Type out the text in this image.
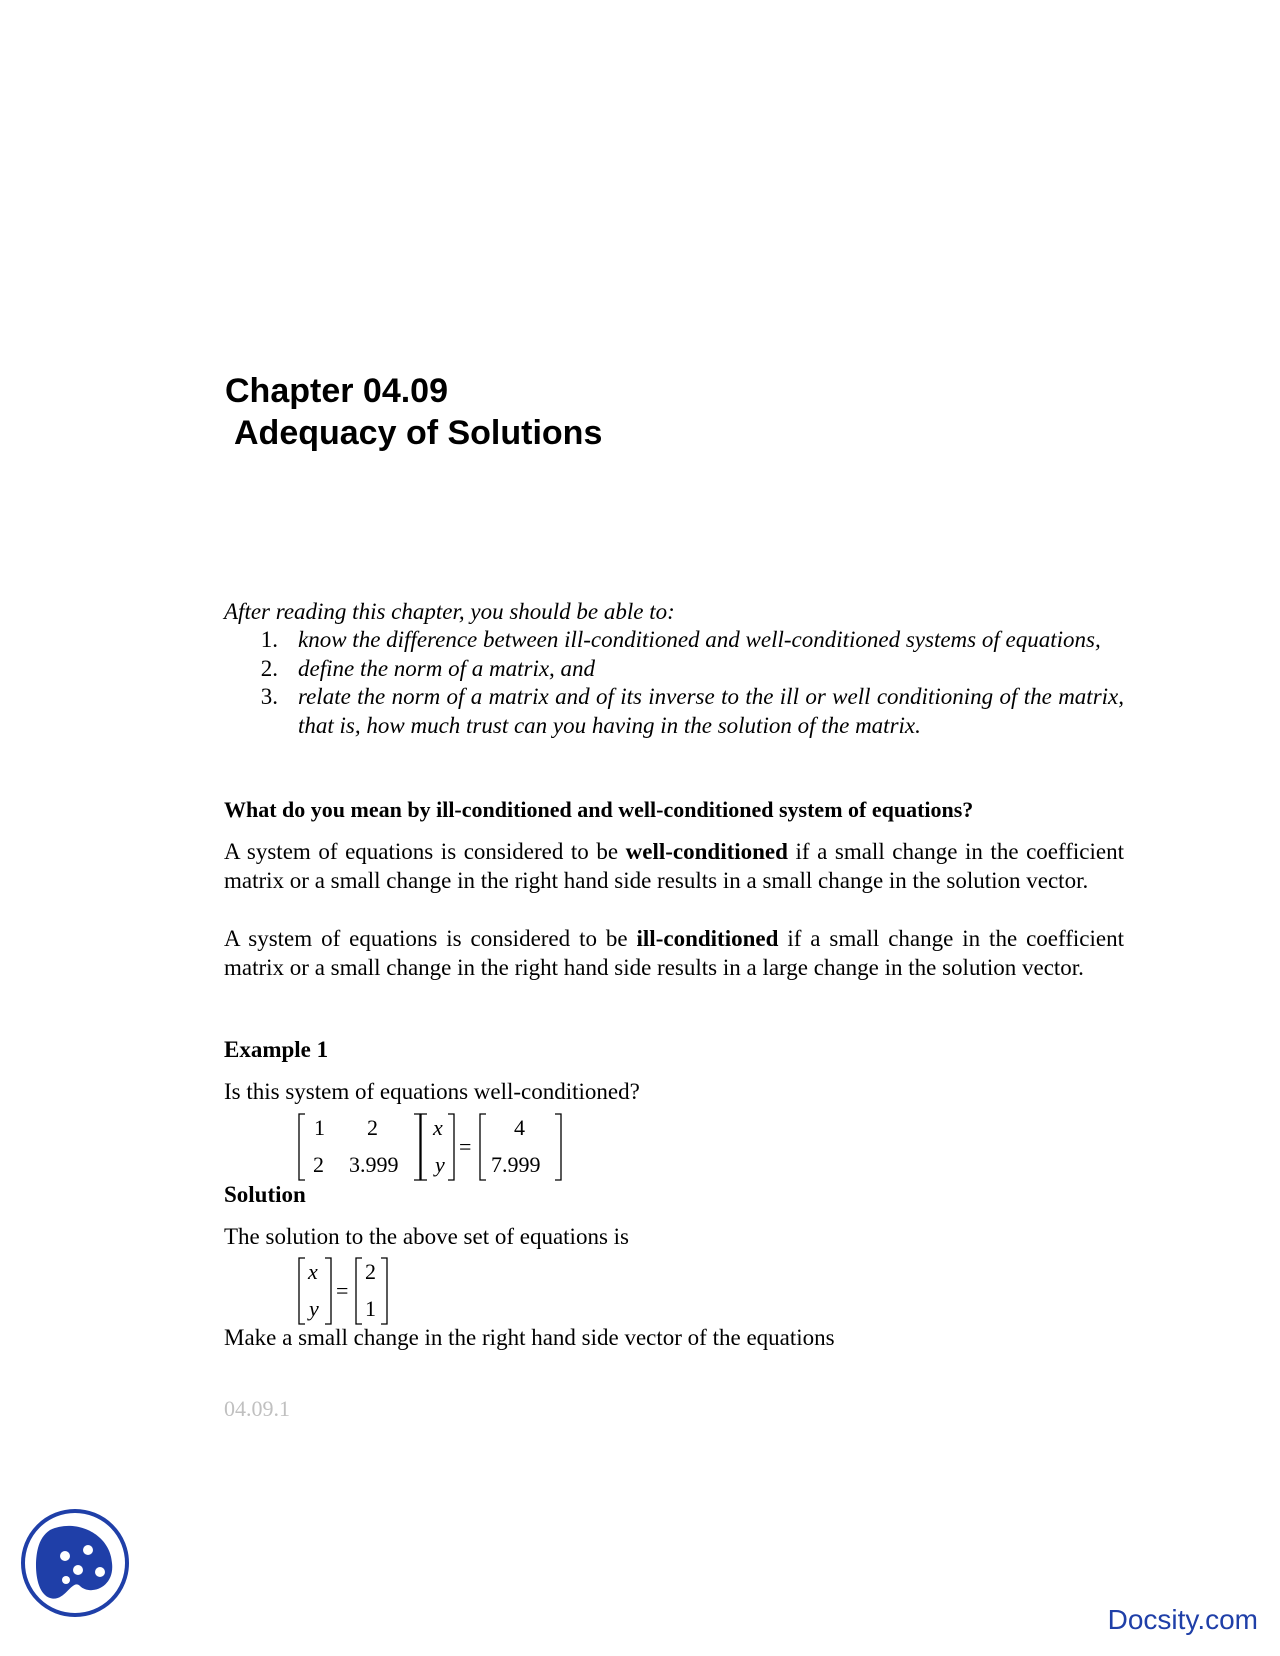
Chapter 04.09
Adequacy of Solutions
After reading this chapter, you should be able to:
1. know the difference between ill-conditioned and well-conditioned systems of equations,
2. define the norm of a matrix, and
3. relate the norm of a matrix and of its inverse to the ill or well conditioning of the matrix, that is, how much trust can you having in the solution of the matrix.
What do you mean by ill-conditioned and well-conditioned system of equations?
A system of equations is considered to be well-conditioned if a small change in the coefficient matrix or a small change in the right hand side results in a small change in the solution vector.
A system of equations is considered to be ill-conditioned if a small change in the coefficient matrix or a small change in the right hand side results in a large change in the solution vector.
Example 1
Is this system of equations well-conditioned?
1 2
2 3.999
x
y
=
4
7.999
Solution
The solution to the above set of equations is
x
y
=
2
1
Make a small change in the right hand side vector of the equations
04.09.1
Docsity.com
